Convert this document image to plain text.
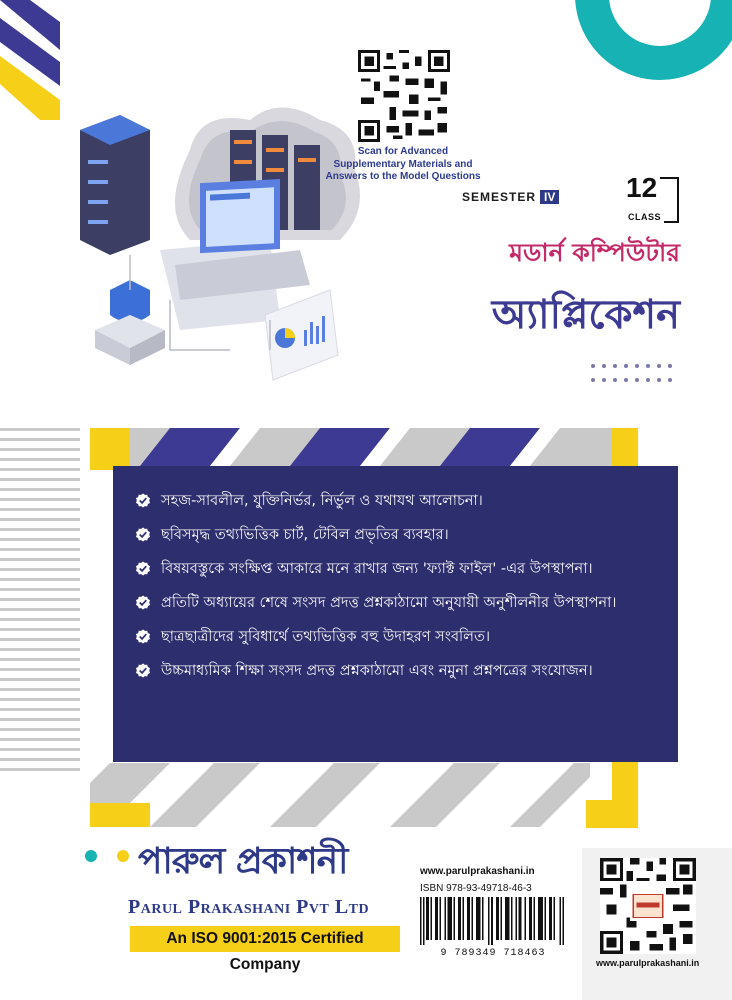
Scan for Advanced Supplementary Materials and Answers to the Model Questions
SEMESTER IV	12
CLASS
মডার্ন কম্পিউটার
অ্যাপ্লিকেশন
সহজ-সাবলীল, যুক্তিনির্ভর, নির্ভুল ও যথাযথ আলোচনা।
ছবিসমৃদ্ধ তথ্যভিত্তিক চার্ট, টেবিল প্রভৃতির ব্যবহার।
বিষয়বস্তুকে সংক্ষিপ্ত আকারে মনে রাখার জন্য 'ফ্যাক্ট ফাইল' -এর উপস্থাপনা।
প্রতিটি অধ্যায়ের শেষে সংসদ প্রদত্ত প্রশ্নকাঠামো অনুযায়ী অনুশীলনীর উপস্থাপনা।
ছাত্রছাত্রীদের সুবিধার্থে তথ্যভিত্তিক বহু উদাহরণ সংবলিত।
উচ্চমাধ্যমিক শিক্ষা সংসদ প্রদত্ত প্রশ্নকাঠামো এবং নমুনা প্রশ্নপত্রের সংযোজন।
পারুল প্রকাশনী
Parul Prakashani Pvt Ltd
An ISO 9001:2015 Certified Company
www.parulprakashani.in
ISBN 978-93-49718-46-3
9 789349 718463
www.parulprakashani.in
